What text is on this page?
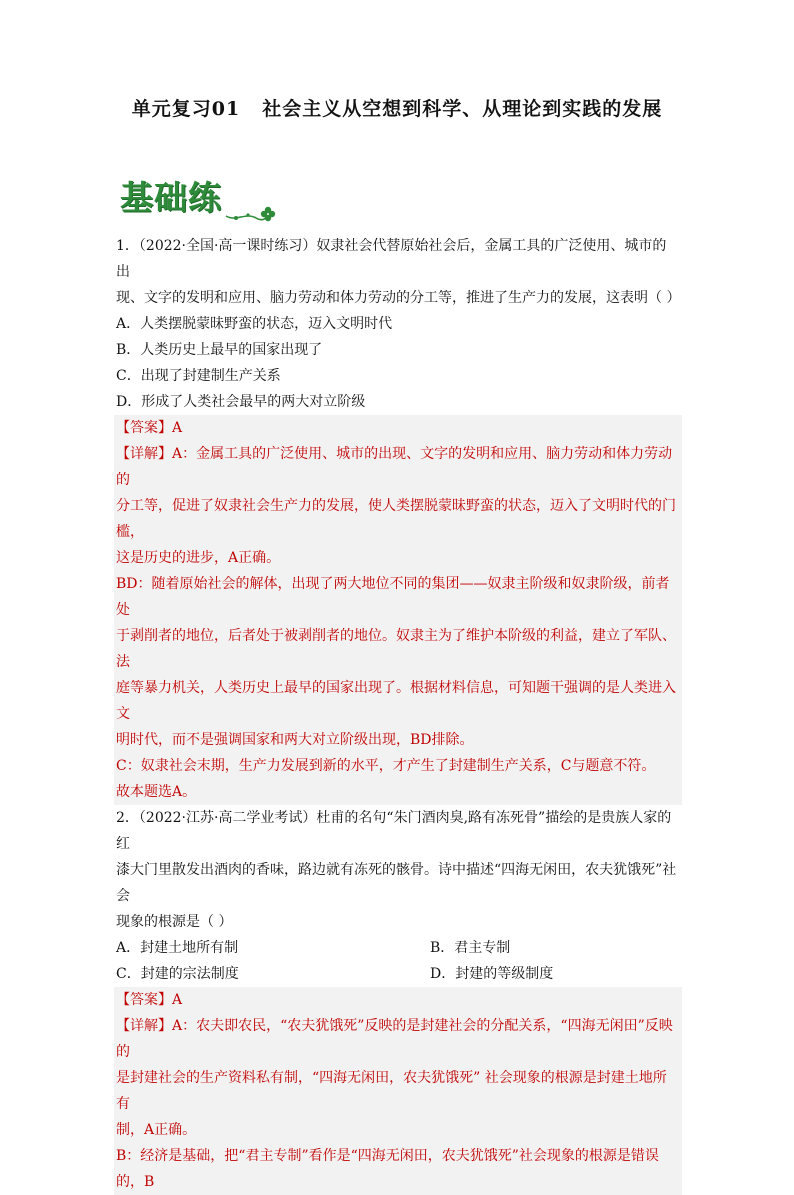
单元复习01 社会主义从空想到科学、从理论到实践的发展
基础练

1．（2022·全国·高一课时练习）奴隶社会代替原始社会后，金属工具的广泛使用、城市的出

现、文字的发明和应用、脑力劳动和体力劳动的分工等，推进了生产力的发展，这表明（ ）

A．人类摆脱蒙昧野蛮的状态，迈入文明时代

B．人类历史上最早的国家出现了

C．出现了封建制生产关系

D．形成了人类社会最早的两大对立阶级

【答案】A

【详解】A：金属工具的广泛使用、城市的出现、文字的发明和应用、脑力劳动和体力劳动的

分工等，促进了奴隶社会生产力的发展，使人类摆脱蒙昧野蛮的状态，迈入了文明时代的门槛，

这是历史的进步，A正确。

BD：随着原始社会的解体，出现了两大地位不同的集团——奴隶主阶级和奴隶阶级，前者处

于剥削者的地位，后者处于被剥削者的地位。奴隶主为了维护本阶级的利益，建立了军队、法

庭等暴力机关，人类历史上最早的国家出现了。根据材料信息，可知题干强调的是人类进入文

明时代，而不是强调国家和两大对立阶级出现，BD排除。

C：奴隶社会末期，生产力发展到新的水平，才产生了封建制生产关系，C与题意不符。

故本题选A。

2．（2022·江苏·高二学业考试）杜甫的名句“朱门酒肉臭,路有冻死骨”描绘的是贵族人家的红

漆大门里散发出酒肉的香味，路边就有冻死的骸骨。诗中描述“四海无闲田，农夫犹饿死”社会

现象的根源是（ ）

A．封建土地所有制	B．君主专制
C．封建的宗法制度	D．封建的等级制度

【答案】A

【详解】A：农夫即农民，“农夫犹饿死”反映的是封建社会的分配关系，“四海无闲田”反映的

是封建社会的生产资料私有制，“四海无闲田，农夫犹饿死” 社会现象的根源是封建土地所有

制，A正确。

B：经济是基础，把“君主专制”看作是“四海无闲田，农夫犹饿死”社会现象的根源是错误的，B
